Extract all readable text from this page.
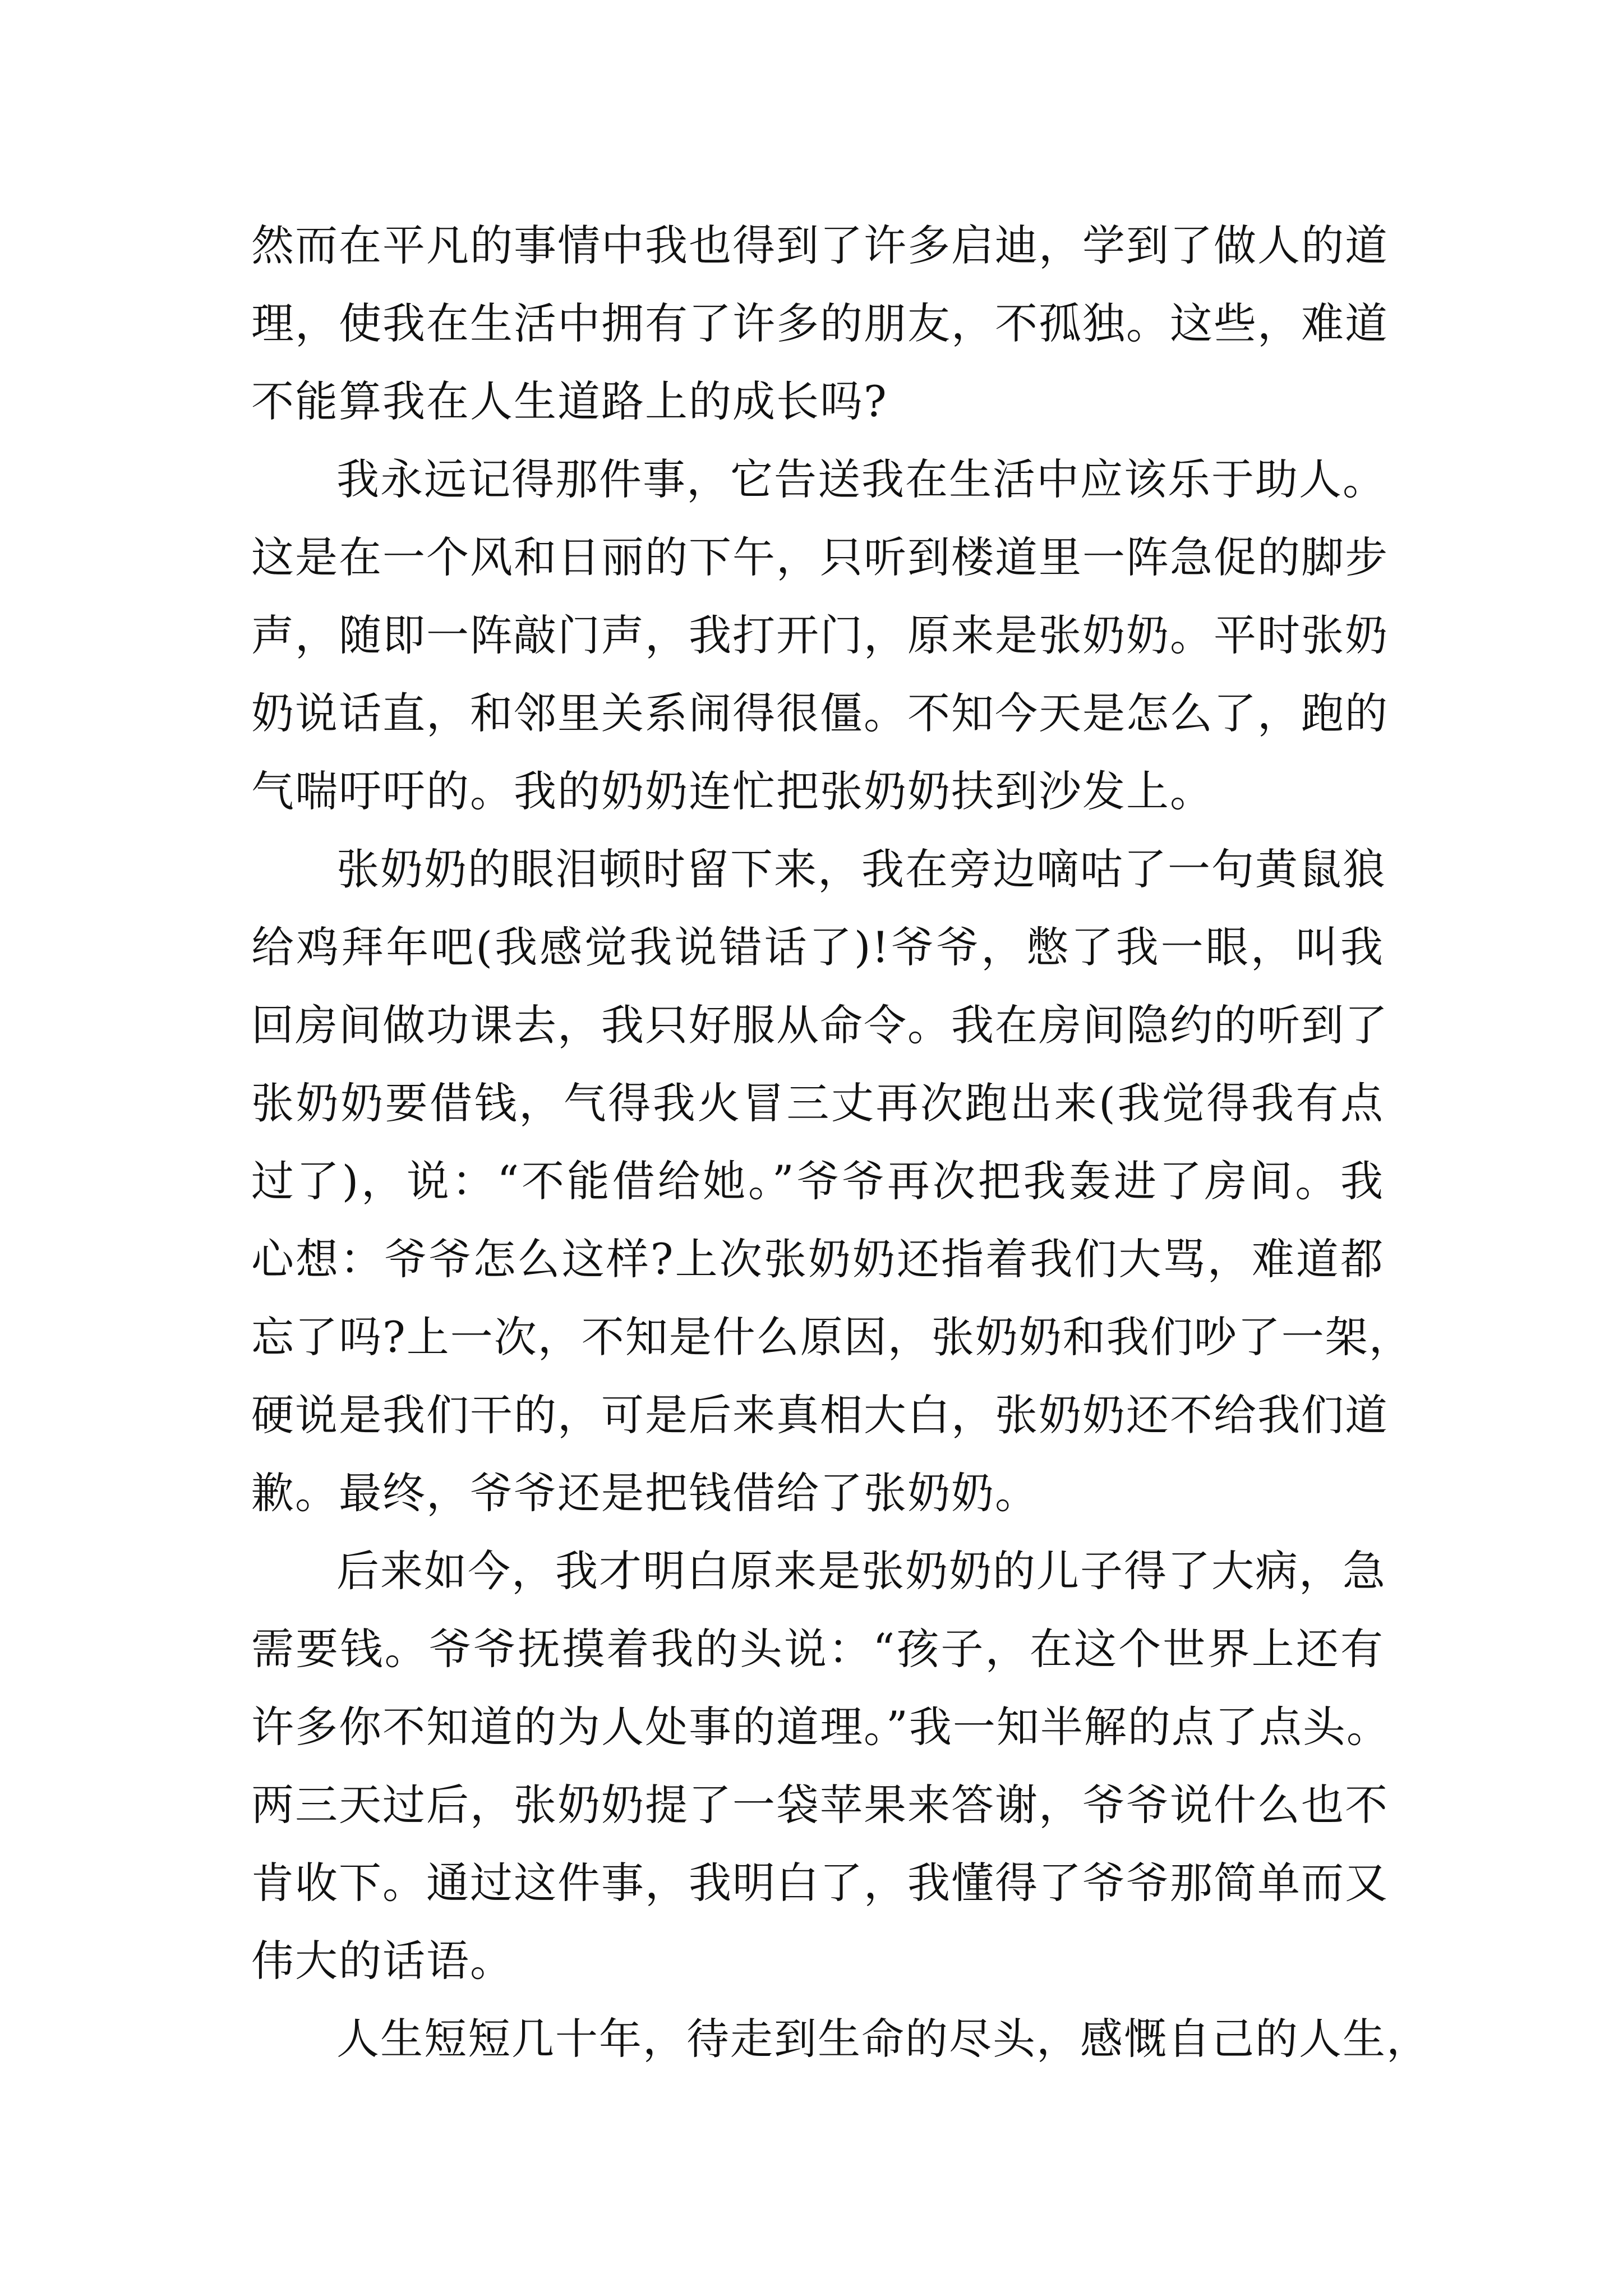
然而在平凡的事情中我也得到了许多启迪，学到了做人的道
理，使我在生活中拥有了许多的朋友，不孤独。这些，难道
不能算我在人生道路上的成长吗?
我永远记得那件事，它告送我在生活中应该乐于助人。
这是在一个风和日丽的下午，只听到楼道里一阵急促的脚步
声，随即一阵敲门声，我打开门，原来是张奶奶。平时张奶
奶说话直，和邻里关系闹得很僵。不知今天是怎么了，跑的
气喘吁吁的。我的奶奶连忙把张奶奶扶到沙发上。
张奶奶的眼泪顿时留下来，我在旁边嘀咕了一句黄鼠狼
给鸡拜年吧(我感觉我说错话了)!爷爷，憋了我一眼，叫我
回房间做功课去，我只好服从命令。我在房间隐约的听到了
张奶奶要借钱，气得我火冒三丈再次跑出来(我觉得我有点
过了)，说：“不能借给她。”爷爷再次把我轰进了房间。我
心想：爷爷怎么这样?上次张奶奶还指着我们大骂，难道都
忘了吗?上一次，不知是什么原因，张奶奶和我们吵了一架，
硬说是我们干的，可是后来真相大白，张奶奶还不给我们道
歉。最终，爷爷还是把钱借给了张奶奶。
后来如今，我才明白原来是张奶奶的儿子得了大病，急
需要钱。爷爷抚摸着我的头说：“孩子，在这个世界上还有
许多你不知道的为人处事的道理。”我一知半解的点了点头。
两三天过后，张奶奶提了一袋苹果来答谢，爷爷说什么也不
肯收下。通过这件事，我明白了，我懂得了爷爷那简单而又
伟大的话语。
人生短短几十年，待走到生命的尽头，感慨自己的人生，
